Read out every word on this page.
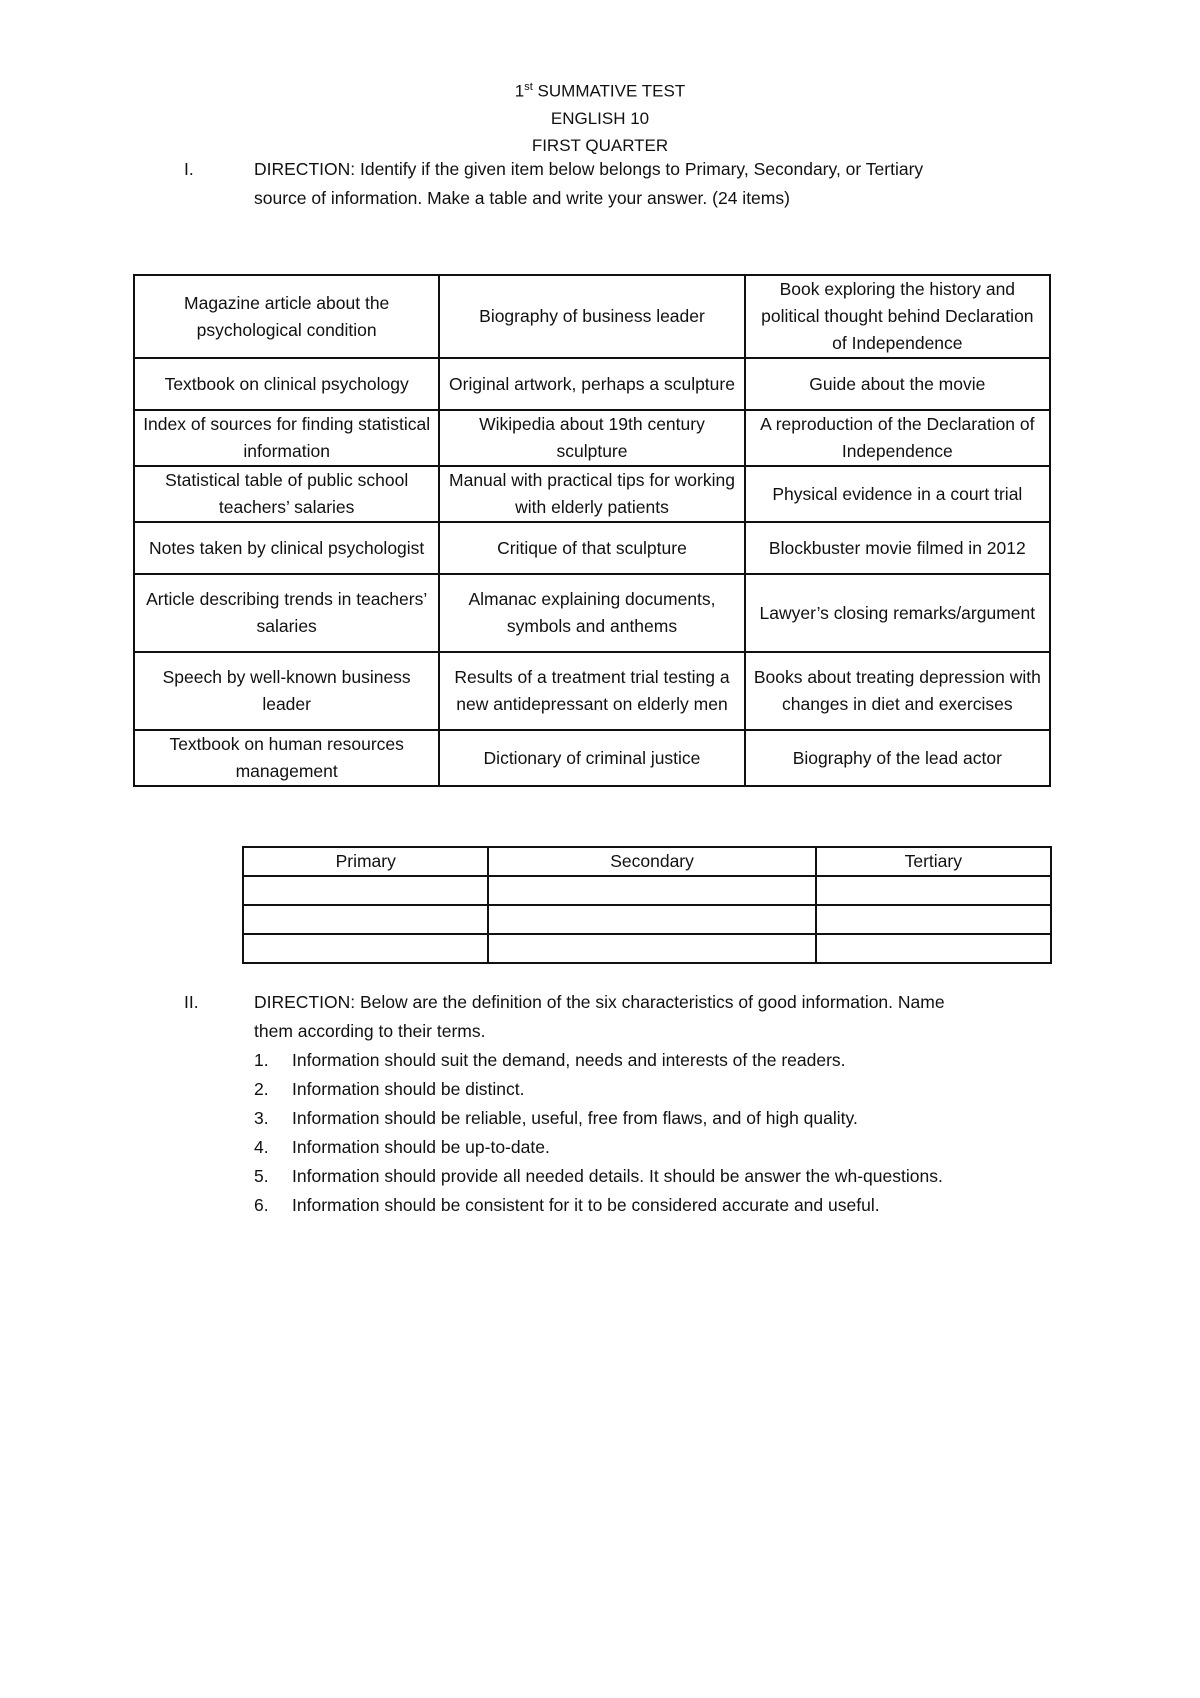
1st SUMMATIVE TEST
ENGLISH 10
FIRST QUARTER
I.	DIRECTION: Identify if the given item below belongs to Primary, Secondary, or Tertiary
source of information. Make a table and write your answer. (24 items)
Magazine article about the psychological condition	Biography of business leader	Book exploring the history and political thought behind Declaration of Independence
Textbook on clinical psychology	Original artwork, perhaps a sculpture	Guide about the movie
Index of sources for finding statistical information	Wikipedia about 19th century sculpture	A reproduction of the Declaration of Independence
Statistical table of public school teachers’ salaries	Manual with practical tips for working with elderly patients	Physical evidence in a court trial
Notes taken by clinical psychologist	Critique of that sculpture	Blockbuster movie filmed in 2012
Article describing trends in teachers’ salaries	Almanac explaining documents, symbols and anthems	Lawyer’s closing remarks/argument
Speech by well-known business leader	Results of a treatment trial testing a new antidepressant on elderly men	Books about treating depression with changes in diet and exercises
Textbook on human resources management	Dictionary of criminal justice	Biography of the lead actor
Primary	Secondary	Tertiary

II.	DIRECTION: Below are the definition of the six characteristics of good information. Name
them according to their terms.
1. Information should suit the demand, needs and interests of the readers.
2. Information should be distinct.
3. Information should be reliable, useful, free from flaws, and of high quality.
4. Information should be up-to-date.
5. Information should provide all needed details. It should be answer the wh-questions.
6. Information should be consistent for it to be considered accurate and useful.
